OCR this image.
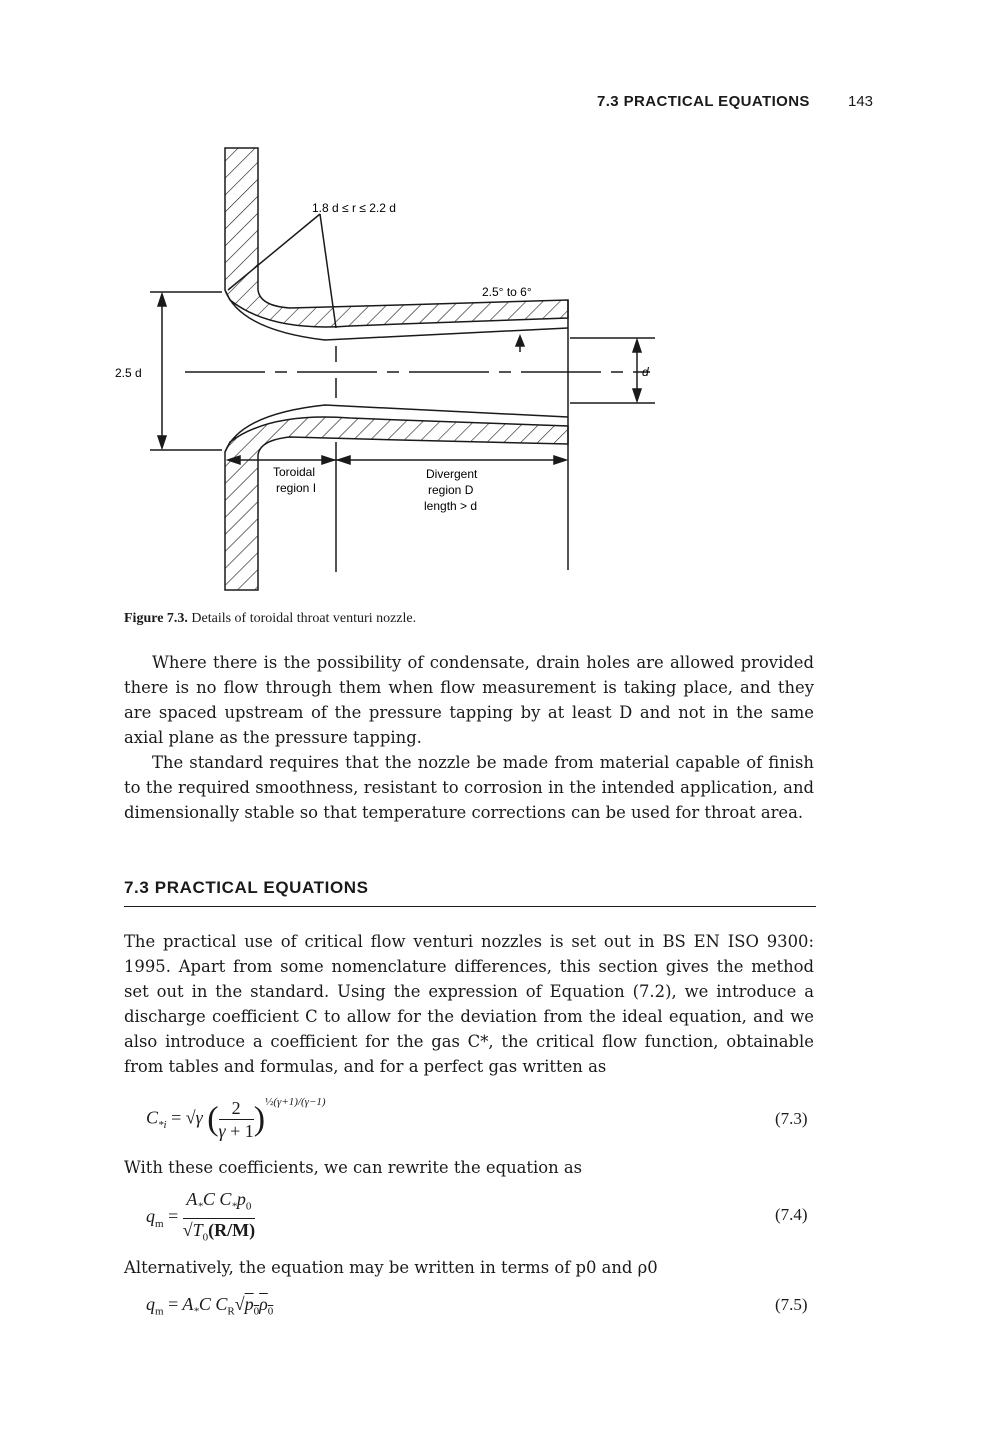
7.3 PRACTICAL EQUATIONS	143
1.8 d ≤ r ≤ 2.2 d
2.5° to 6°
2.5 d	d
Toroidal
region I
Divergent
region D
length > d
Figure 7.3. Details of toroidal throat venturi nozzle.

Where there is the possibility of condensate, drain holes are allowed provided there is no flow through them when flow measurement is taking place, and they are spaced upstream of the pressure tapping by at least D and not in the same axial plane as the pressure tapping.

The standard requires that the nozzle be made from material capable of finish to the required smoothness, resistant to corrosion in the intended application, and dimensionally stable so that temperature corrections can be used for throat area.

7.3 PRACTICAL EQUATIONS

The practical use of critical flow venturi nozzles is set out in BS EN ISO 9300: 1995. Apart from some nomenclature differences, this section gives the method set out in the standard. Using the expression of Equation (7.2), we introduce a discharge coefficient C to allow for the deviation from the ideal equation, and we also introduce a coefficient for the gas C*, the critical flow function, obtainable from tables and formulas, and for a perfect gas written as

$C_{*i} = √\gamma$ ( $\frac{2}{\gamma + 1} )^{\frac{1}{2}(\gamma+1)/(\gamma-1)}$
(7.3)

With these coefficients, we can rewrite the equation as

$q_m = \frac{A_*C C_*p_0}{√T_0(R/M)}$	(7.4)

Alternatively, the equation may be written in terms of p0 and ρ0

$q_m = A_*C$ $C_R√p_0\rho_0$	(7.5)
